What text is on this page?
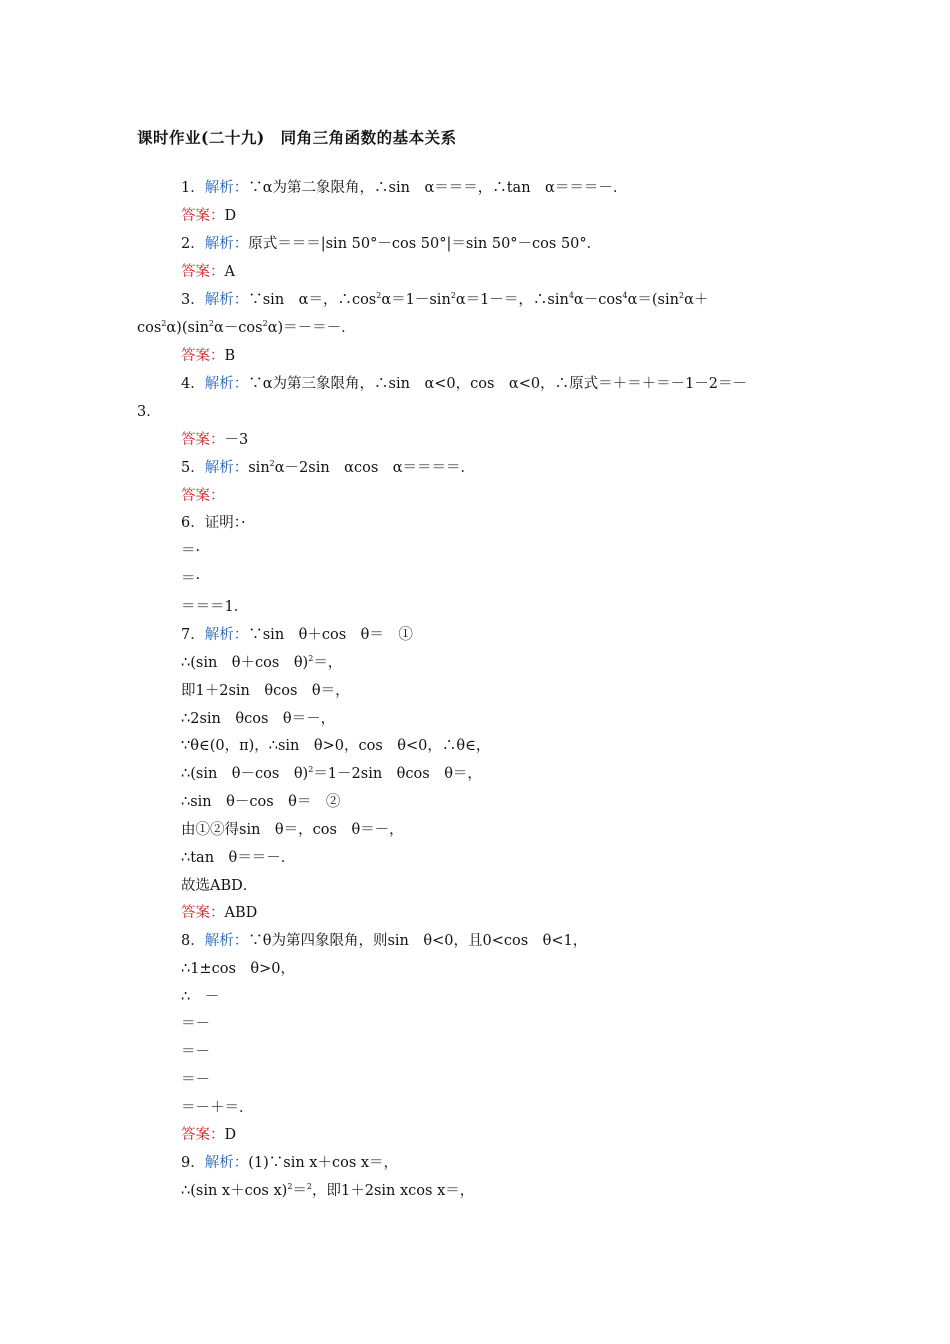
课时作业(二十九)　同角三角函数的基本关系
1．解析：∵α为第二象限角，∴sin　α＝＝＝，∴tan　α＝＝＝－．
答案：D
2．解析：原式＝＝＝|sin 50°－cos 50°|＝sin 50°－cos 50°．
答案：A
3．解析：∵sin　α＝，$\therefore\cos^2\alpha=1-\sin^2\alpha=1-=$，$\therefore\sin^4\alpha-\cos^4\alpha=(\sin^2\alpha+$
$\cos^2\alpha)(\sin^2\alpha-\cos^2\alpha)=-=-$．
答案：B
4．解析：∵α为第三象限角，∴sin　α<0，cos　α<0，∴原式＝＋＝＋＝－1－2＝－
3．
答案：－3
5．解析：$\sin^2\alpha-2\sin$　αcos　α＝＝＝＝．
答案：
6．证明：·
＝·
＝·
＝＝＝1．
7．解析：∵sin　θ＋cos　θ＝　①
∴(sin　θ＋cos　θ)$^2$＝，
即1＋2sin　θcos　θ＝，
∴2sin　θcos　θ＝－，
∵θ∈(0，π)，∴sin　θ>0，cos　θ<0，∴θ∈，
∴(sin　θ－cos　θ)$^2$＝1－2sin　θcos　θ＝，
∴sin　θ－cos　θ＝　②
由①②得sin　θ＝，cos　θ＝－，
∴tan　θ＝＝－．
故选ABD．
答案：ABD
8．解析：∵θ为第四象限角，则sin　θ<0，且0<cos　θ<1，
∴1±cos　θ>0，
∴　－
＝－
＝－
＝－
＝－＋＝．
答案：D
9．解析：(1)∵sin x＋cos x＝，
∴(sin x＋cos x)$^2$＝$^2$，即1＋2sin xcos x＝，
